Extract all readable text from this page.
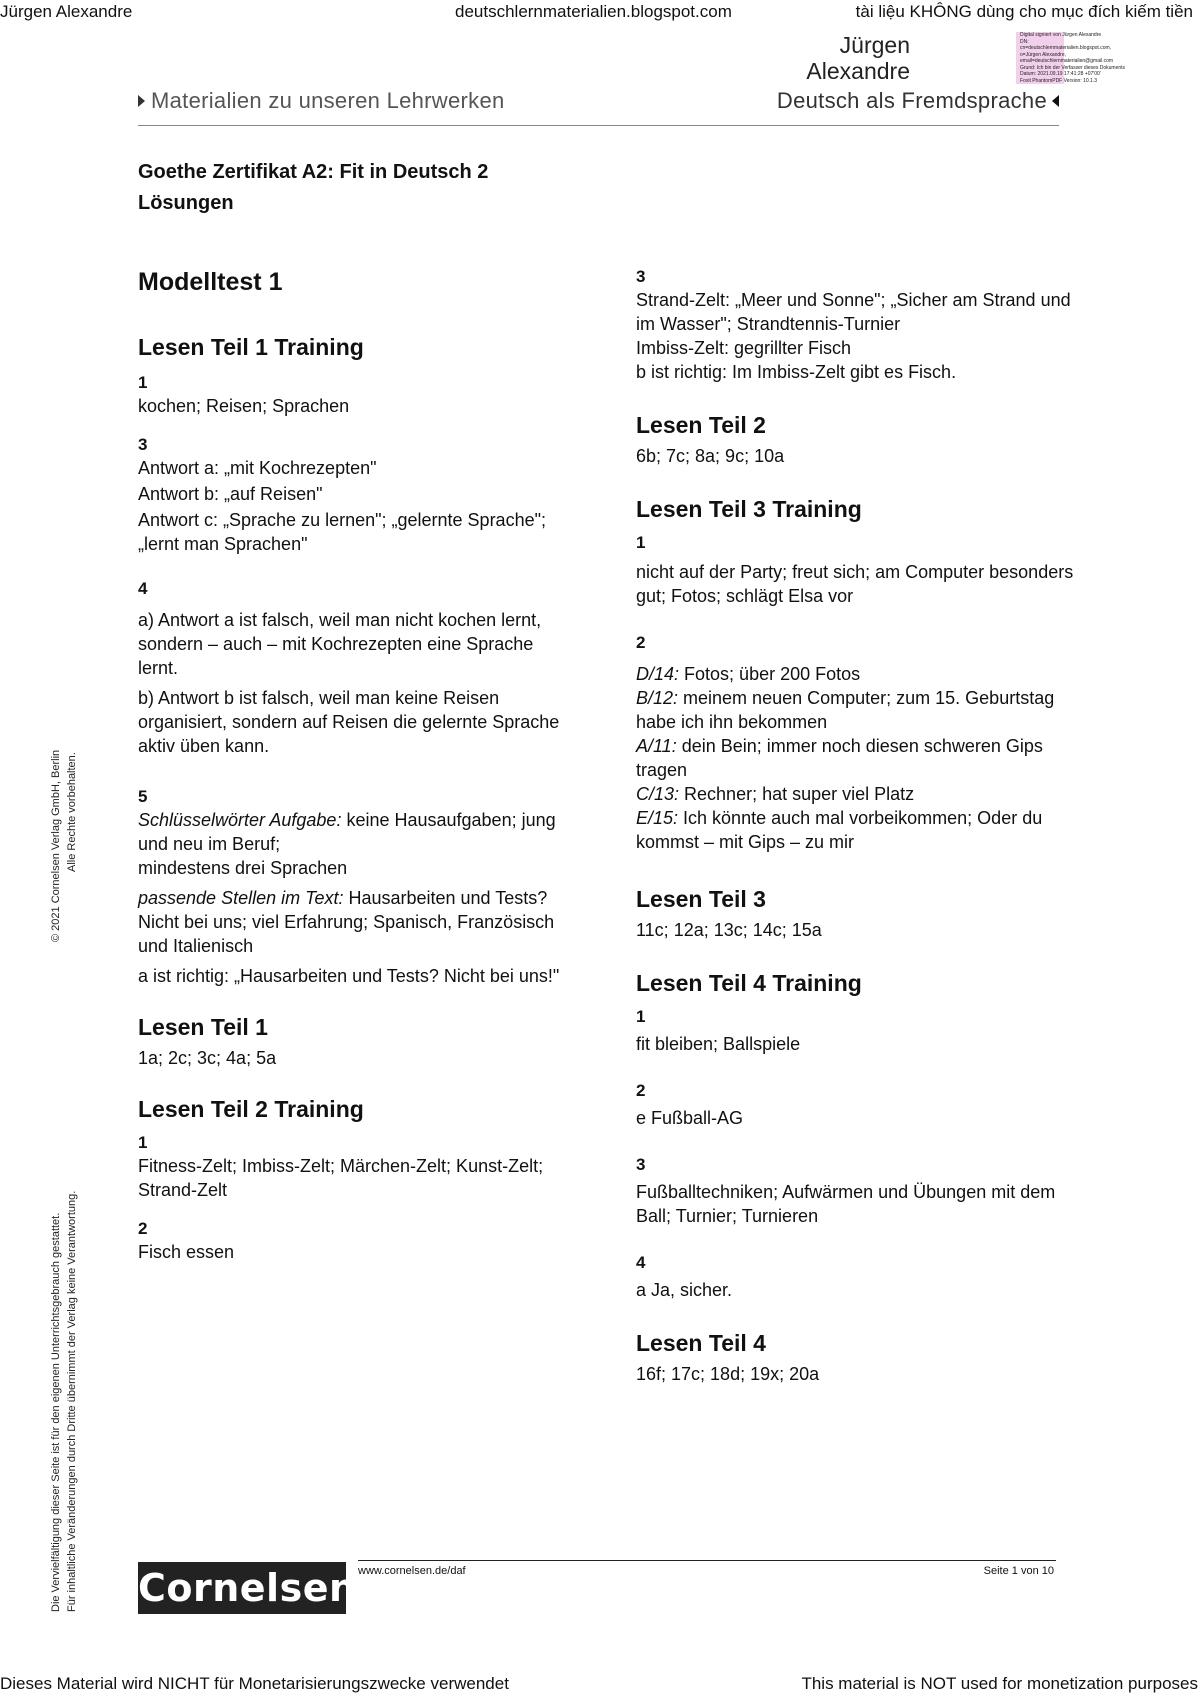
Jürgen Alexandre	deutschlernmaterialien.blogspot.com	tài liệu KHÔNG dùng cho mục đích kiếm tiền
Jürgen
Alexandre
Digital signiert von Jürgen Alexandre
DN:
cn=deutschlernmaterialien.blogspot.com,
o=Jürgen Alexandre,
email=deutschlernmaterialien@gmail.com
Grund: Ich bin der Verfasser dieses Dokuments
Datum: 2021.09.19 17:41:28 +07'00'
Foxit PhantomPDF Version: 10.1.3
Materialien zu unseren Lehrwerken	Deutsch als Fremdsprache
Goethe Zertifikat A2: Fit in Deutsch 2
Lösungen
Modelltest 1
Lesen Teil 1 Training
1

kochen; Reisen; Sprachen

3

Antwort a: „mit Kochrezepten"

Antwort b: „auf Reisen"

Antwort c: „Sprache zu lernen"; „gelernte Sprache"; „lernt man Sprachen"

4

a) Antwort a ist falsch, weil man nicht kochen lernt, sondern – auch – mit Kochrezepten eine Sprache lernt.

b) Antwort b ist falsch, weil man keine Reisen organisiert, sondern auf Reisen die gelernte Sprache aktiv üben kann.

5

Schlüsselwörter Aufgabe: keine Hausaufgaben; jung und neu im Beruf;

mindestens drei Sprachen

passende Stellen im Text: Hausarbeiten und Tests? Nicht bei uns; viel Erfahrung; Spanisch, Französisch und Italienisch

a ist richtig: „Hausarbeiten und Tests? Nicht bei uns!"

Lesen Teil 1

1a; 2c; 3c; 4a; 5a

Lesen Teil 2 Training
1

Fitness-Zelt; Imbiss-Zelt; Märchen-Zelt; Kunst-Zelt; Strand-Zelt

2

Fisch essen

3

Strand-Zelt: „Meer und Sonne"; „Sicher am Strand und im Wasser"; Strandtennis-Turnier

Imbiss-Zelt: gegrillter Fisch

b ist richtig: Im Imbiss-Zelt gibt es Fisch.

Lesen Teil 2

6b; 7c; 8a; 9c; 10a

Lesen Teil 3 Training
1

nicht auf der Party; freut sich; am Computer besonders gut; Fotos; schlägt Elsa vor

2

D/14: Fotos; über 200 Fotos

B/12: meinem neuen Computer; zum 15. Geburtstag habe ich ihn bekommen

A/11: dein Bein; immer noch diesen schweren Gips tragen

C/13: Rechner; hat super viel Platz

E/15: Ich könnte auch mal vorbeikommen; Oder du kommst – mit Gips – zu mir

Lesen Teil 3

11c; 12a; 13c; 14c; 15a

Lesen Teil 4 Training
1

fit bleiben; Ballspiele

2

e Fußball-AG

3

Fußballtechniken; Aufwärmen und Übungen mit dem Ball; Turnier; Turnieren

4

a Ja, sicher.

Lesen Teil 4

16f; 17c; 18d; 19x; 20a

© 2021 Cornelsen Verlag GmbH, Berlin Alle Rechte vorbehalten.
Die Vervielfältigung dieser Seite ist für den eigenen Unterrichtsgebrauch gestattet. Für inhaltliche Veränderungen durch Dritte übernimmt der Verlag keine Verantwortung. Cornelsen www.cornelsen.de/daf	Seite 1 von 10
Dieses Material wird NICHT für Monetarisierungszwecke verwendet	This material is NOT used for monetization purposes
